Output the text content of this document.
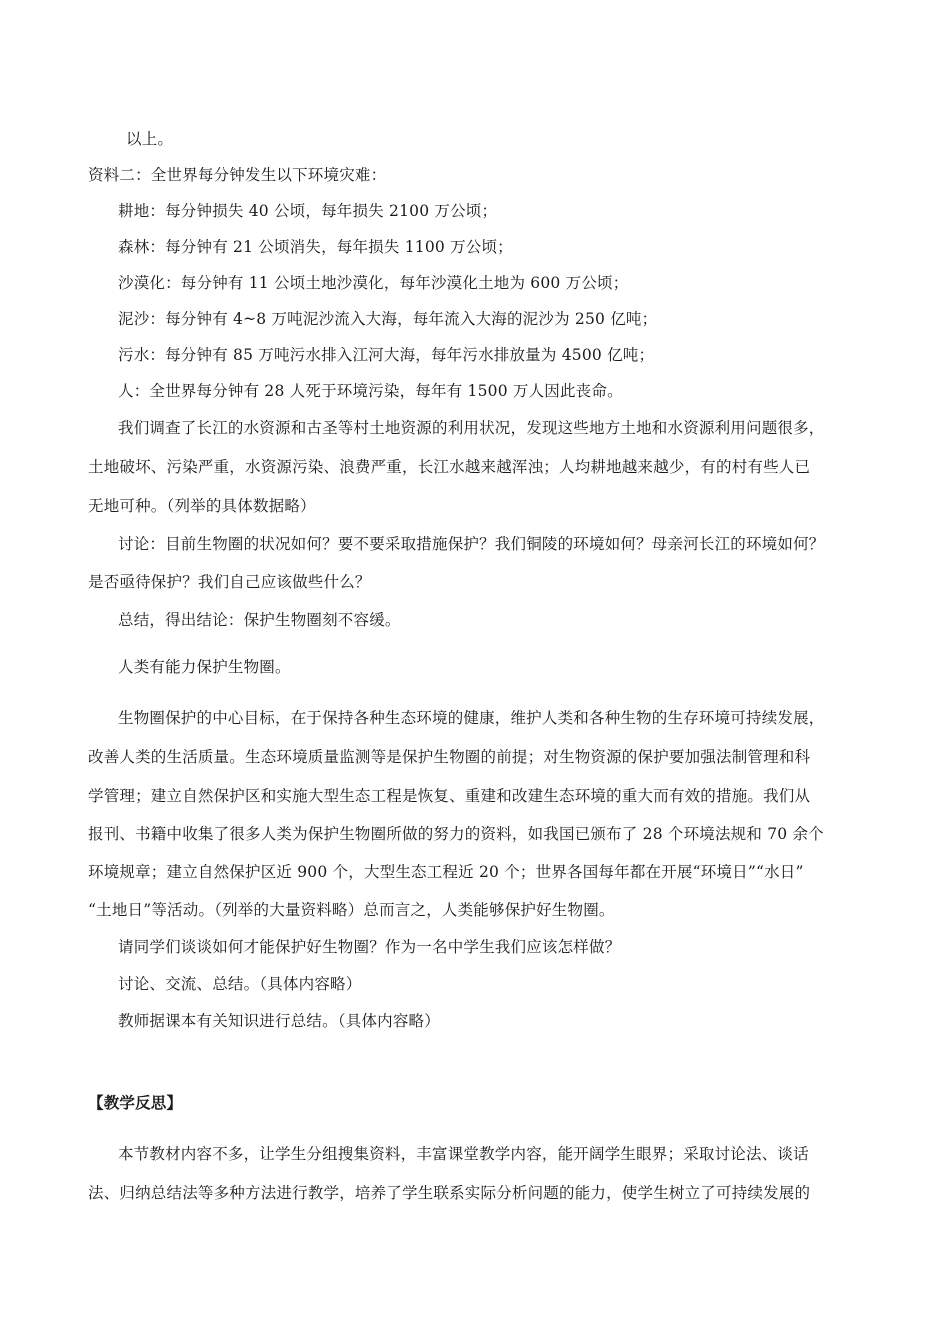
以上。
资料二：全世界每分钟发生以下环境灾难：
耕地：每分钟损失 40 公顷，每年损失 2100 万公顷；
森林：每分钟有 21 公顷消失，每年损失 1100 万公顷；
沙漠化：每分钟有 11 公顷土地沙漠化，每年沙漠化土地为 600 万公顷；
泥沙：每分钟有 4~8 万吨泥沙流入大海，每年流入大海的泥沙为 250 亿吨；
污水：每分钟有 85 万吨污水排入江河大海，每年污水排放量为 4500 亿吨；
人：全世界每分钟有 28 人死于环境污染，每年有 1500 万人因此丧命。
我们调查了长江的水资源和古圣等村土地资源的利用状况，发现这些地方土地和水资源利用问题很多，
土地破坏、污染严重，水资源污染、浪费严重，长江水越来越浑浊；人均耕地越来越少，有的村有些人已
无地可种。（列举的具体数据略）
讨论：目前生物圈的状况如何？要不要采取措施保护？我们铜陵的环境如何？母亲河长江的环境如何？
是否亟待保护？我们自己应该做些什么？
总结，得出结论：保护生物圈刻不容缓。
人类有能力保护生物圈。
生物圈保护的中心目标，在于保持各种生态环境的健康，维护人类和各种生物的生存环境可持续发展，
改善人类的生活质量。生态环境质量监测等是保护生物圈的前提；对生物资源的保护要加强法制管理和科
学管理；建立自然保护区和实施大型生态工程是恢复、重建和改建生态环境的重大而有效的措施。我们从
报刊、书籍中收集了很多人类为保护生物圈所做的努力的资料，如我国已颁布了 28 个环境法规和 70 余个
环境规章；建立自然保护区近 900 个，大型生态工程近 20 个；世界各国每年都在开展“环境日”“水日”
“土地日”等活动。（列举的大量资料略）总而言之，人类能够保护好生物圈。
请同学们谈谈如何才能保护好生物圈？作为一名中学生我们应该怎样做？
讨论、交流、总结。（具体内容略）
教师据课本有关知识进行总结。（具体内容略）
【教学反思】
本节教材内容不多，让学生分组搜集资料，丰富课堂教学内容，能开阔学生眼界；采取讨论法、谈话
法、归纳总结法等多种方法进行教学，培养了学生联系实际分析问题的能力，使学生树立了可持续发展的
